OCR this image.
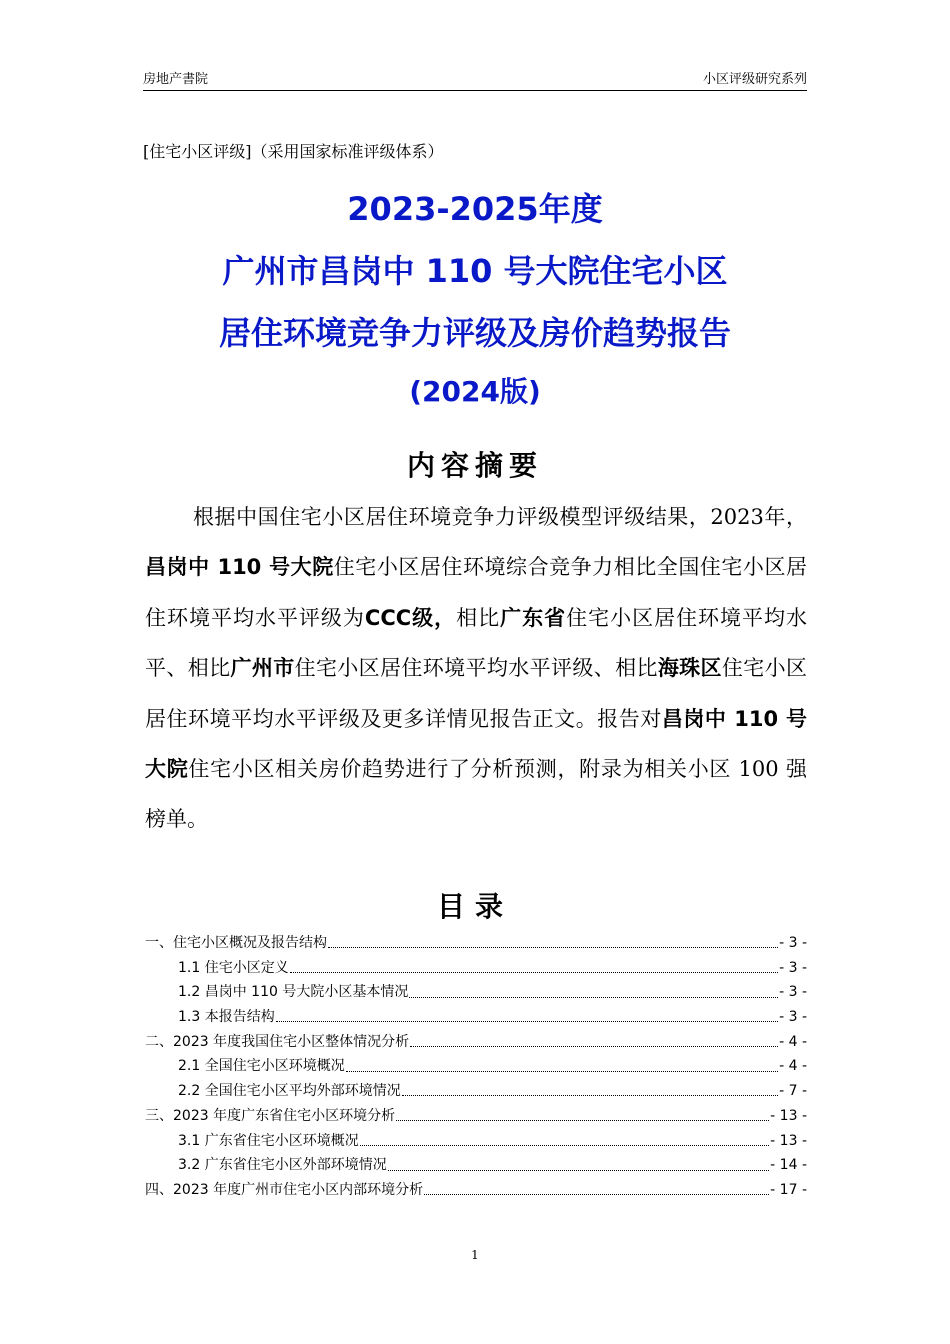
房地产書院	小区评级研究系列
[住宅小区评级]（采用国家标准评级体系）
2023-2025年度
广州市昌岗中 110 号大院住宅小区
居住环境竞争力评级及房价趋势报告
(2024版)
内容摘要

根据中国住宅小区居住环境竞争力评级模型评级结果，2023年，昌岗中 110 号大院住宅小区居住环境综合竞争力相比全国住宅小区居住环境平均水平评级为CCC级，相比广东省住宅小区居住环境平均水平、相比广州市住宅小区居住环境平均水平评级、相比海珠区住宅小区居住环境平均水平评级及更多详情见报告正文。报告对昌岗中 110 号大院住宅小区相关房价趋势进行了分析预测，附录为相关小区 100 强榜单。

目录
一、住宅小区概况及报告结构	- 3 -
1.1 住宅小区定义	- 3 -
1.2 昌岗中 110 号大院小区基本情况	- 3 -
1.3 本报告结构	- 3 -
二、2023 年度我国住宅小区整体情况分析	- 4 -
2.1 全国住宅小区环境概况	- 4 -
2.2 全国住宅小区平均外部环境情况	- 7 -
三、2023 年度广东省住宅小区环境分析	- 13 -
3.1 广东省住宅小区环境概况	- 13 -
3.2 广东省住宅小区外部环境情况	- 14 -
四、2023 年度广州市住宅小区内部环境分析	- 17 -
1
